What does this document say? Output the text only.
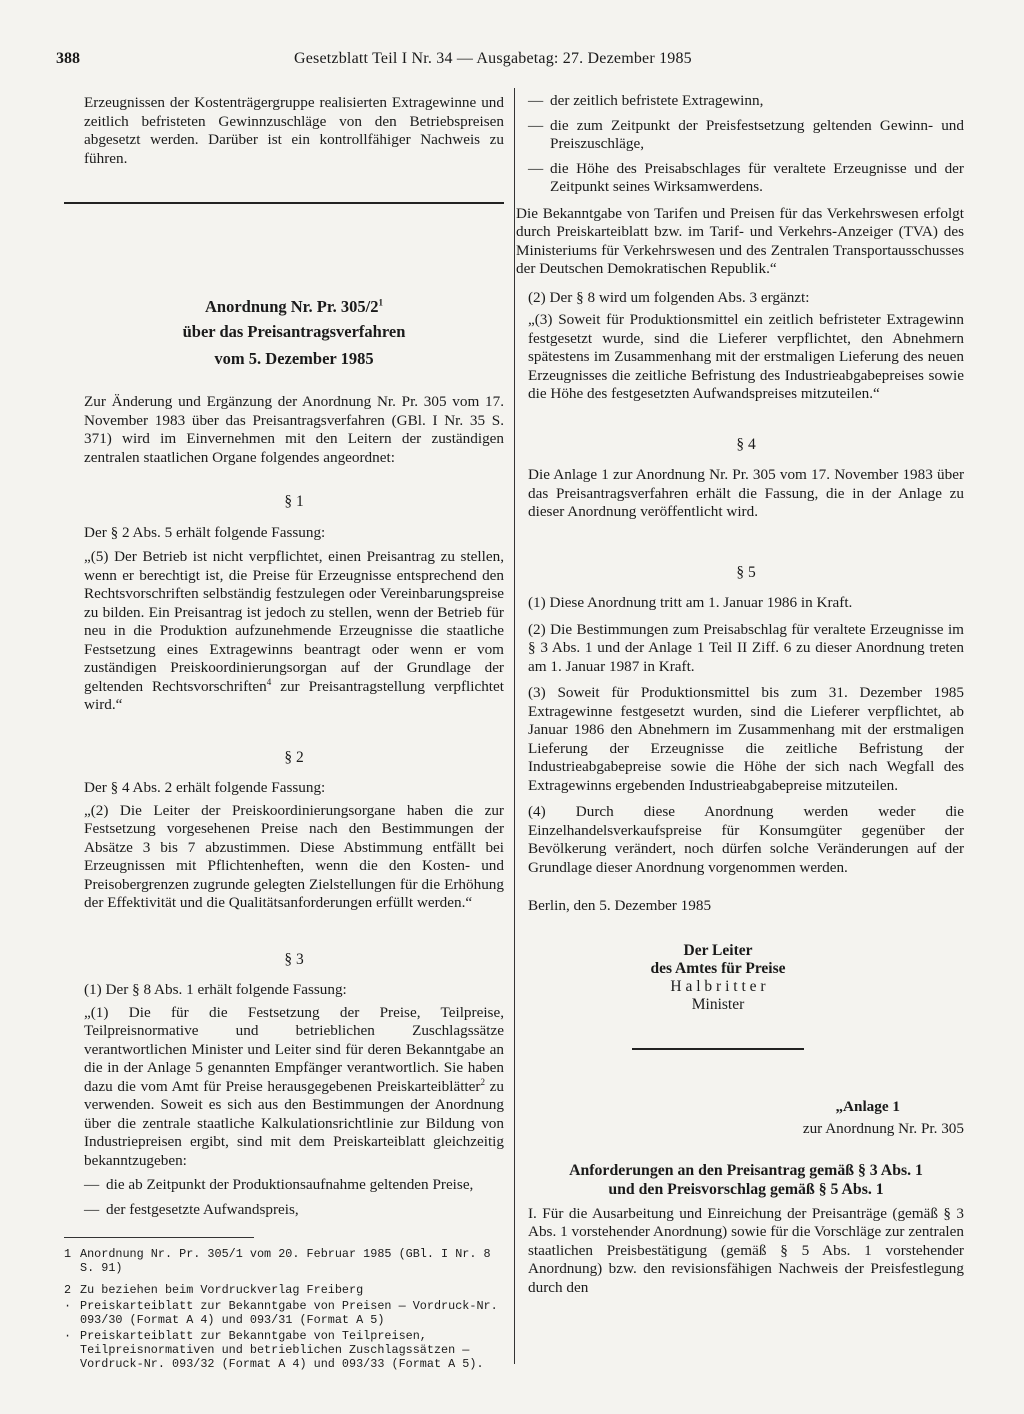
388	Gesetzblatt Teil I Nr. 34 — Ausgabetag: 27. Dezember 1985

Erzeugnissen der Kostenträgergruppe realisierten Extragewinne und zeitlich befristeten Gewinnzuschläge von den Betriebspreisen abgesetzt werden. Darüber ist ein kontrollfähiger Nachweis zu führen.

Anordnung Nr. Pr. $305/2^1$
über das Preisantragsverfahren
vom 5. Dezember 1985

Zur Änderung und Ergänzung der Anordnung Nr. Pr. 305 vom 17. November 1983 über das Preisantragsverfahren (GBl. I Nr. 35 S. 371) wird im Einvernehmen mit den Leitern der zuständigen zentralen staatlichen Organe folgendes angeordnet:

§ 1

Der § 2 Abs. 5 erhält folgende Fassung:

„(5) Der Betrieb ist nicht verpflichtet, einen Preisantrag zu stellen, wenn er berechtigt ist, die Preise für Erzeugnisse entsprechend den Rechtsvorschriften selbständig festzulegen oder Vereinbarungspreise zu bilden. Ein Preisantrag ist jedoch zu stellen, wenn der Betrieb für neu in die Produktion aufzunehmende Erzeugnisse die staatliche Festsetzung eines Extragewinns beantragt oder wenn er vom zuständigen Preiskoordinierungsorgan auf der Grundlage der geltenden Rechtsvorschriften$^4$ zur Preisantragstellung verpflichtet wird.“

§ 2

Der § 4 Abs. 2 erhält folgende Fassung:

„(2) Die Leiter der Preiskoordinierungsorgane haben die zur Festsetzung vorgesehenen Preise nach den Bestimmungen der Absätze 3 bis 7 abzustimmen. Diese Abstimmung entfällt bei Erzeugnissen mit Pflichtenheften, wenn die den Kosten- und Preisobergrenzen zugrunde gelegten Zielstellungen für die Erhöhung der Effektivität und die Qualitätsanforderungen erfüllt werden.“

§ 3

(1) Der § 8 Abs. 1 erhält folgende Fassung:

„(1) Die für die Festsetzung der Preise, Teilpreise, Teilpreisnormative und betrieblichen Zuschlagssätze verantwortlichen Minister und Leiter sind für deren Bekanntgabe an die in der Anlage 5 genannten Empfänger verantwortlich. Sie haben dazu die vom Amt für Preise herausgegebenen Preiskarteiblätter$^2$ zu verwenden. Soweit es sich aus den Bestimmungen der Anordnung über die zentrale staatliche Kalkulationsrichtlinie zur Bildung von Industriepreisen ergibt, sind mit dem Preiskarteiblatt gleichzeitig bekanntzugeben:

— die ab Zeitpunkt der Produktionsaufnahme geltenden Preise,
— der festgesetzte Aufwandspreis,
1 Anordnung Nr. Pr. 305/1 vom 20. Februar 1985 (GBl. I Nr. 8 S. 91)
2 Zu beziehen beim Vordruckverlag Freiberg
· Preiskarteiblatt zur Bekanntgabe von Preisen — Vordruck-Nr. 093/30 (Format A 4) und 093/31 (Format A 5)
· Preiskarteiblatt zur Bekanntgabe von Teilpreisen, Teilpreisnormativen und betrieblichen Zuschlagssätzen — Vordruck-Nr. 093/32 (Format A 4) und 093/33 (Format A 5).
— der zeitlich befristete Extragewinn,
— die zum Zeitpunkt der Preisfestsetzung geltenden Gewinn- und Preiszuschläge,
— die Höhe des Preisabschlages für veraltete Erzeugnisse und der Zeitpunkt seines Wirksamwerdens.

Die Bekanntgabe von Tarifen und Preisen für das Verkehrswesen erfolgt durch Preiskarteiblatt bzw. im Tarif- und Verkehrs-Anzeiger (TVA) des Ministeriums für Verkehrswesen und des Zentralen Transportausschusses der Deutschen Demokratischen Republik.“

(2) Der § 8 wird um folgenden Abs. 3 ergänzt:

„(3) Soweit für Produktionsmittel ein zeitlich befristeter Extragewinn festgesetzt wurde, sind die Lieferer verpflichtet, den Abnehmern spätestens im Zusammenhang mit der erstmaligen Lieferung des neuen Erzeugnisses die zeitliche Befristung des Industrieabgabepreises sowie die Höhe des festgesetzten Aufwandspreises mitzuteilen.“

§ 4

Die Anlage 1 zur Anordnung Nr. Pr. 305 vom 17. November 1983 über das Preisantragsverfahren erhält die Fassung, die in der Anlage zu dieser Anordnung veröffentlicht wird.

§ 5

(1) Diese Anordnung tritt am 1. Januar 1986 in Kraft.

(2) Die Bestimmungen zum Preisabschlag für veraltete Erzeugnisse im § 3 Abs. 1 und der Anlage 1 Teil II Ziff. 6 zu dieser Anordnung treten am 1. Januar 1987 in Kraft.

(3) Soweit für Produktionsmittel bis zum 31. Dezember 1985 Extragewinne festgesetzt wurden, sind die Lieferer verpflichtet, ab Januar 1986 den Abnehmern im Zusammenhang mit der erstmaligen Lieferung der Erzeugnisse die zeitliche Befristung der Industrieabgabepreise sowie die Höhe der sich nach Wegfall des Extragewinns ergebenden Industrieabgabepreise mitzuteilen.

(4) Durch diese Anordnung werden weder die Einzelhandelsverkaufspreise für Konsumgüter gegenüber der Bevölkerung verändert, noch dürfen solche Veränderungen auf der Grundlage dieser Anordnung vorgenommen werden.

Berlin, den 5. Dezember 1985

Der Leiter
des Amtes für Preise
H a l b r i t t e r
Minister
„Anlage 1
zur Anordnung Nr. Pr. 305
Anforderungen an den Preisantrag gemäß § 3 Abs. 1
und den Preisvorschlag gemäß § 5 Abs. 1

I. Für die Ausarbeitung und Einreichung der Preisanträge (gemäß § 3 Abs. 1 vorstehender Anordnung) sowie für die Vorschläge zur zentralen staatlichen Preisbestätigung (gemäß § 5 Abs. 1 vorstehender Anordnung) bzw. den revisionsfähigen Nachweis der Preisfestlegung durch den
